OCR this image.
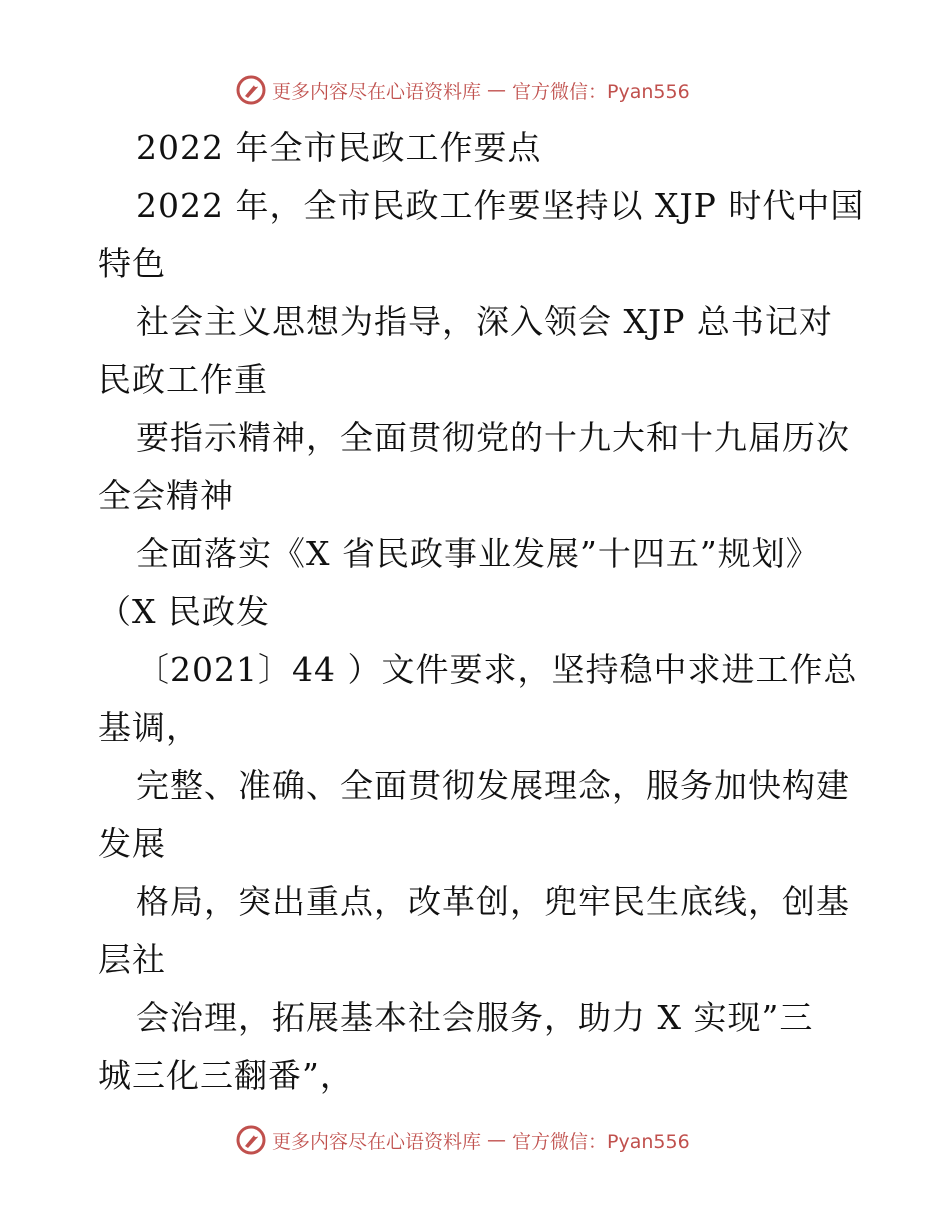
更多内容尽在心语资料库 — 官方微信：Pyan556
2022 年全市民政工作要点
2022 年，全市民政工作要坚持以 XJP 时代中国
特色
社会主义思想为指导，深入领会 XJP 总书记对
民政工作重
要指示精神，全面贯彻党的十九大和十九届历次
全会精神
全面落实《X 省民政事业发展”十四五”规划》
（X 民政发
〔2021〕44 ）文件要求，坚持稳中求进工作总
基调，
完整、准确、全面贯彻发展理念，服务加快构建
发展
格局，突出重点，改革创，兜牢民生底线，创基
层社
会治理，拓展基本社会服务，助力 X 实现”三
城三化三翻番”，
更多内容尽在心语资料库 — 官方微信：Pyan556
